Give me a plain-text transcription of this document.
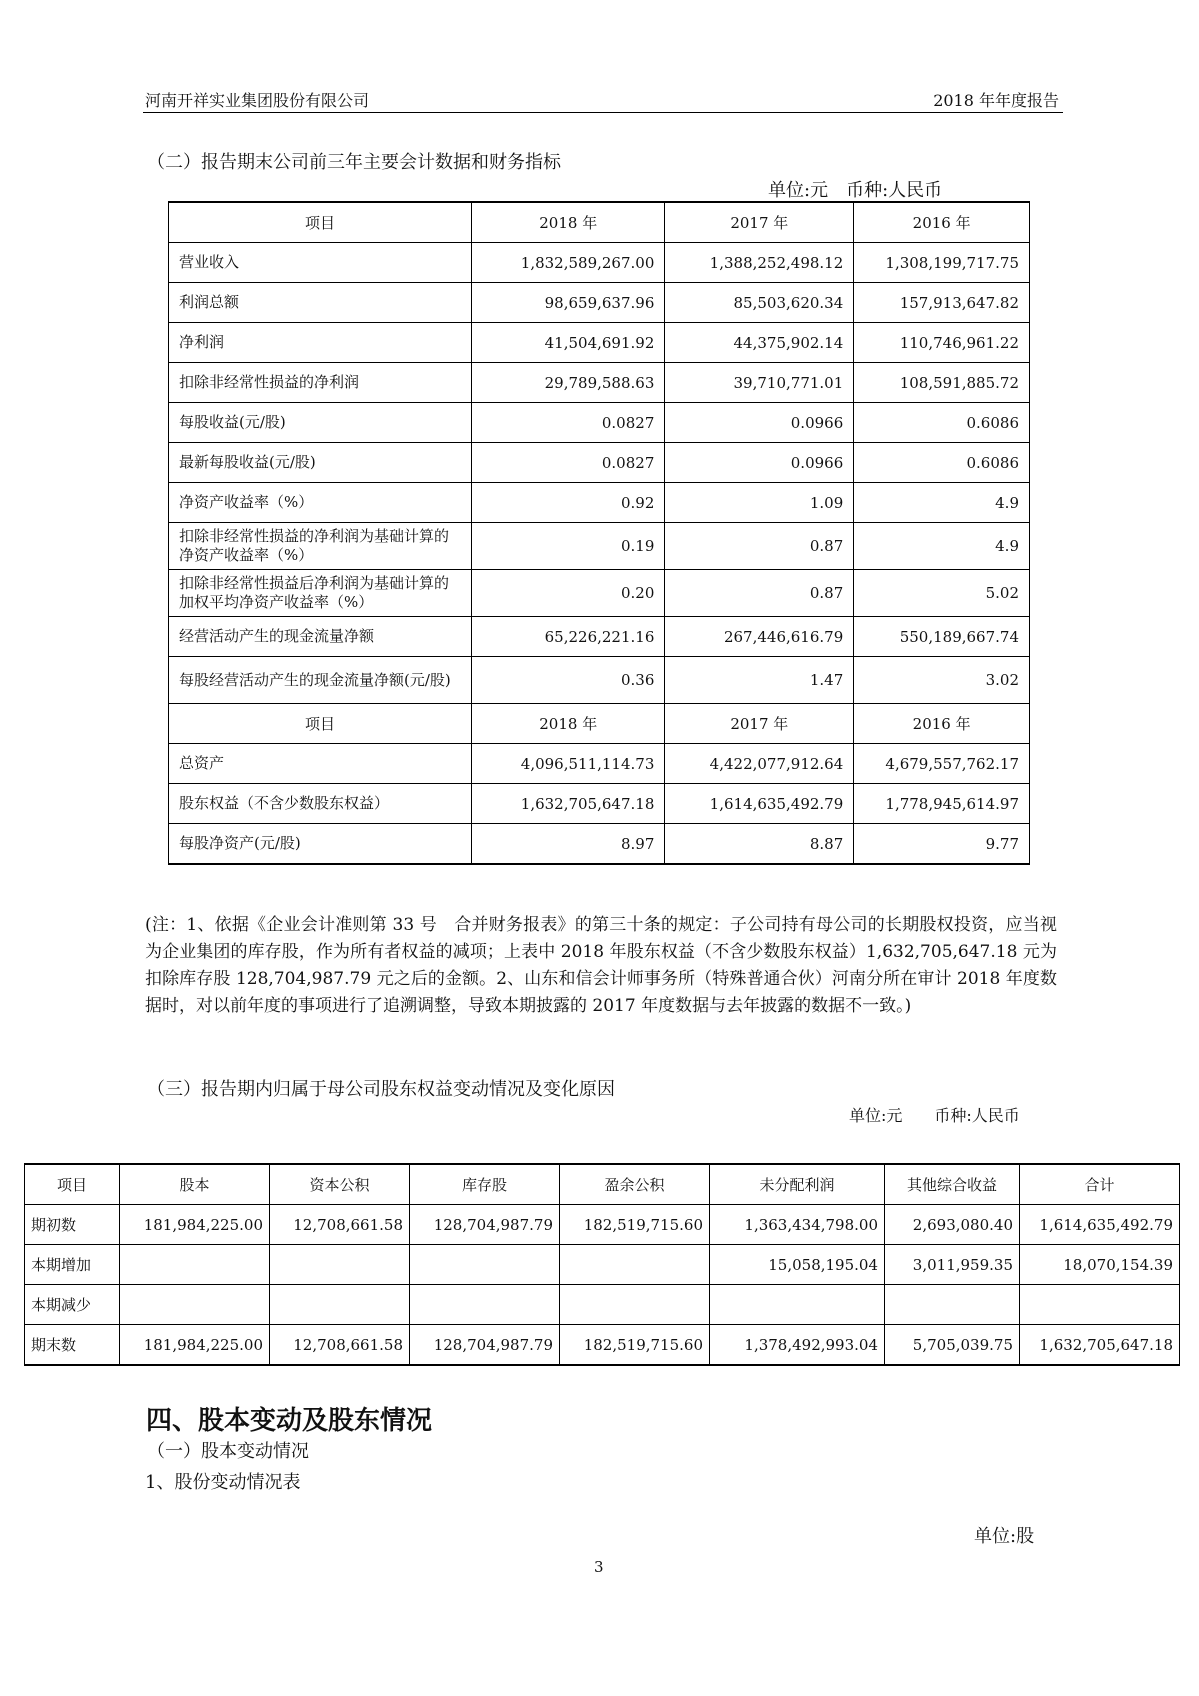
河南开祥实业集团股份有限公司	2018 年年度报告
（二）报告期末公司前三年主要会计数据和财务指标
单位:元　币种:人民币
项目	2018 年	2017 年	2016 年
营业收入	1,832,589,267.00	1,388,252,498.12	1,308,199,717.75
利润总额	98,659,637.96	85,503,620.34	157,913,647.82
净利润	41,504,691.92	44,375,902.14	110,746,961.22
扣除非经常性损益的净利润	29,789,588.63	39,710,771.01	108,591,885.72
每股收益(元/股)	0.0827	0.0966	0.6086
最新每股收益(元/股)	0.0827	0.0966	0.6086
净资产收益率（%）	0.92	1.09	4.9
扣除非经常性损益的净利润为基础计算的净资产收益率（%）	0.19	0.87	4.9
扣除非经常性损益后净利润为基础计算的加权平均净资产收益率（%）	0.20	0.87	5.02
经营活动产生的现金流量净额	65,226,221.16	267,446,616.79	550,189,667.74
每股经营活动产生的现金流量净额(元/股)	0.36	1.47	3.02
项目	2018 年	2017 年	2016 年
总资产	4,096,511,114.73	4,422,077,912.64	4,679,557,762.17
股东权益（不含少数股东权益）	1,632,705,647.18	1,614,635,492.79	1,778,945,614.97
每股净资产(元/股)	8.97	8.87	9.77
(注：1、依据《企业会计准则第 33 号　合并财务报表》的第三十条的规定：子公司持有母公司的长期股权投资，应当视为企业集团的库存股，作为所有者权益的减项；上表中 2018 年股东权益（不含少数股东权益）1,632,705,647.18 元为扣除库存股 128,704,987.79 元之后的金额。2、山东和信会计师事务所（特殊普通合伙）河南分所在审计 2018 年度数据时，对以前年度的事项进行了追溯调整，导致本期披露的 2017 年度数据与去年披露的数据不一致。)
（三）报告期内归属于母公司股东权益变动情况及变化原因
单位:元　　币种:人民币
项目	股本	资本公积	库存股	盈余公积	未分配利润	其他综合收益	合计
期初数	181,984,225.00	12,708,661.58	128,704,987.79	182,519,715.60	1,363,434,798.00	2,693,080.40	1,614,635,492.79
本期增加					15,058,195.04	3,011,959.35	18,070,154.39
本期减少							
期末数	181,984,225.00	12,708,661.58	128,704,987.79	182,519,715.60	1,378,492,993.04	5,705,039.75	1,632,705,647.18
四、股本变动及股东情况
（一）股本变动情况
1、股份变动情况表
单位:股
3
